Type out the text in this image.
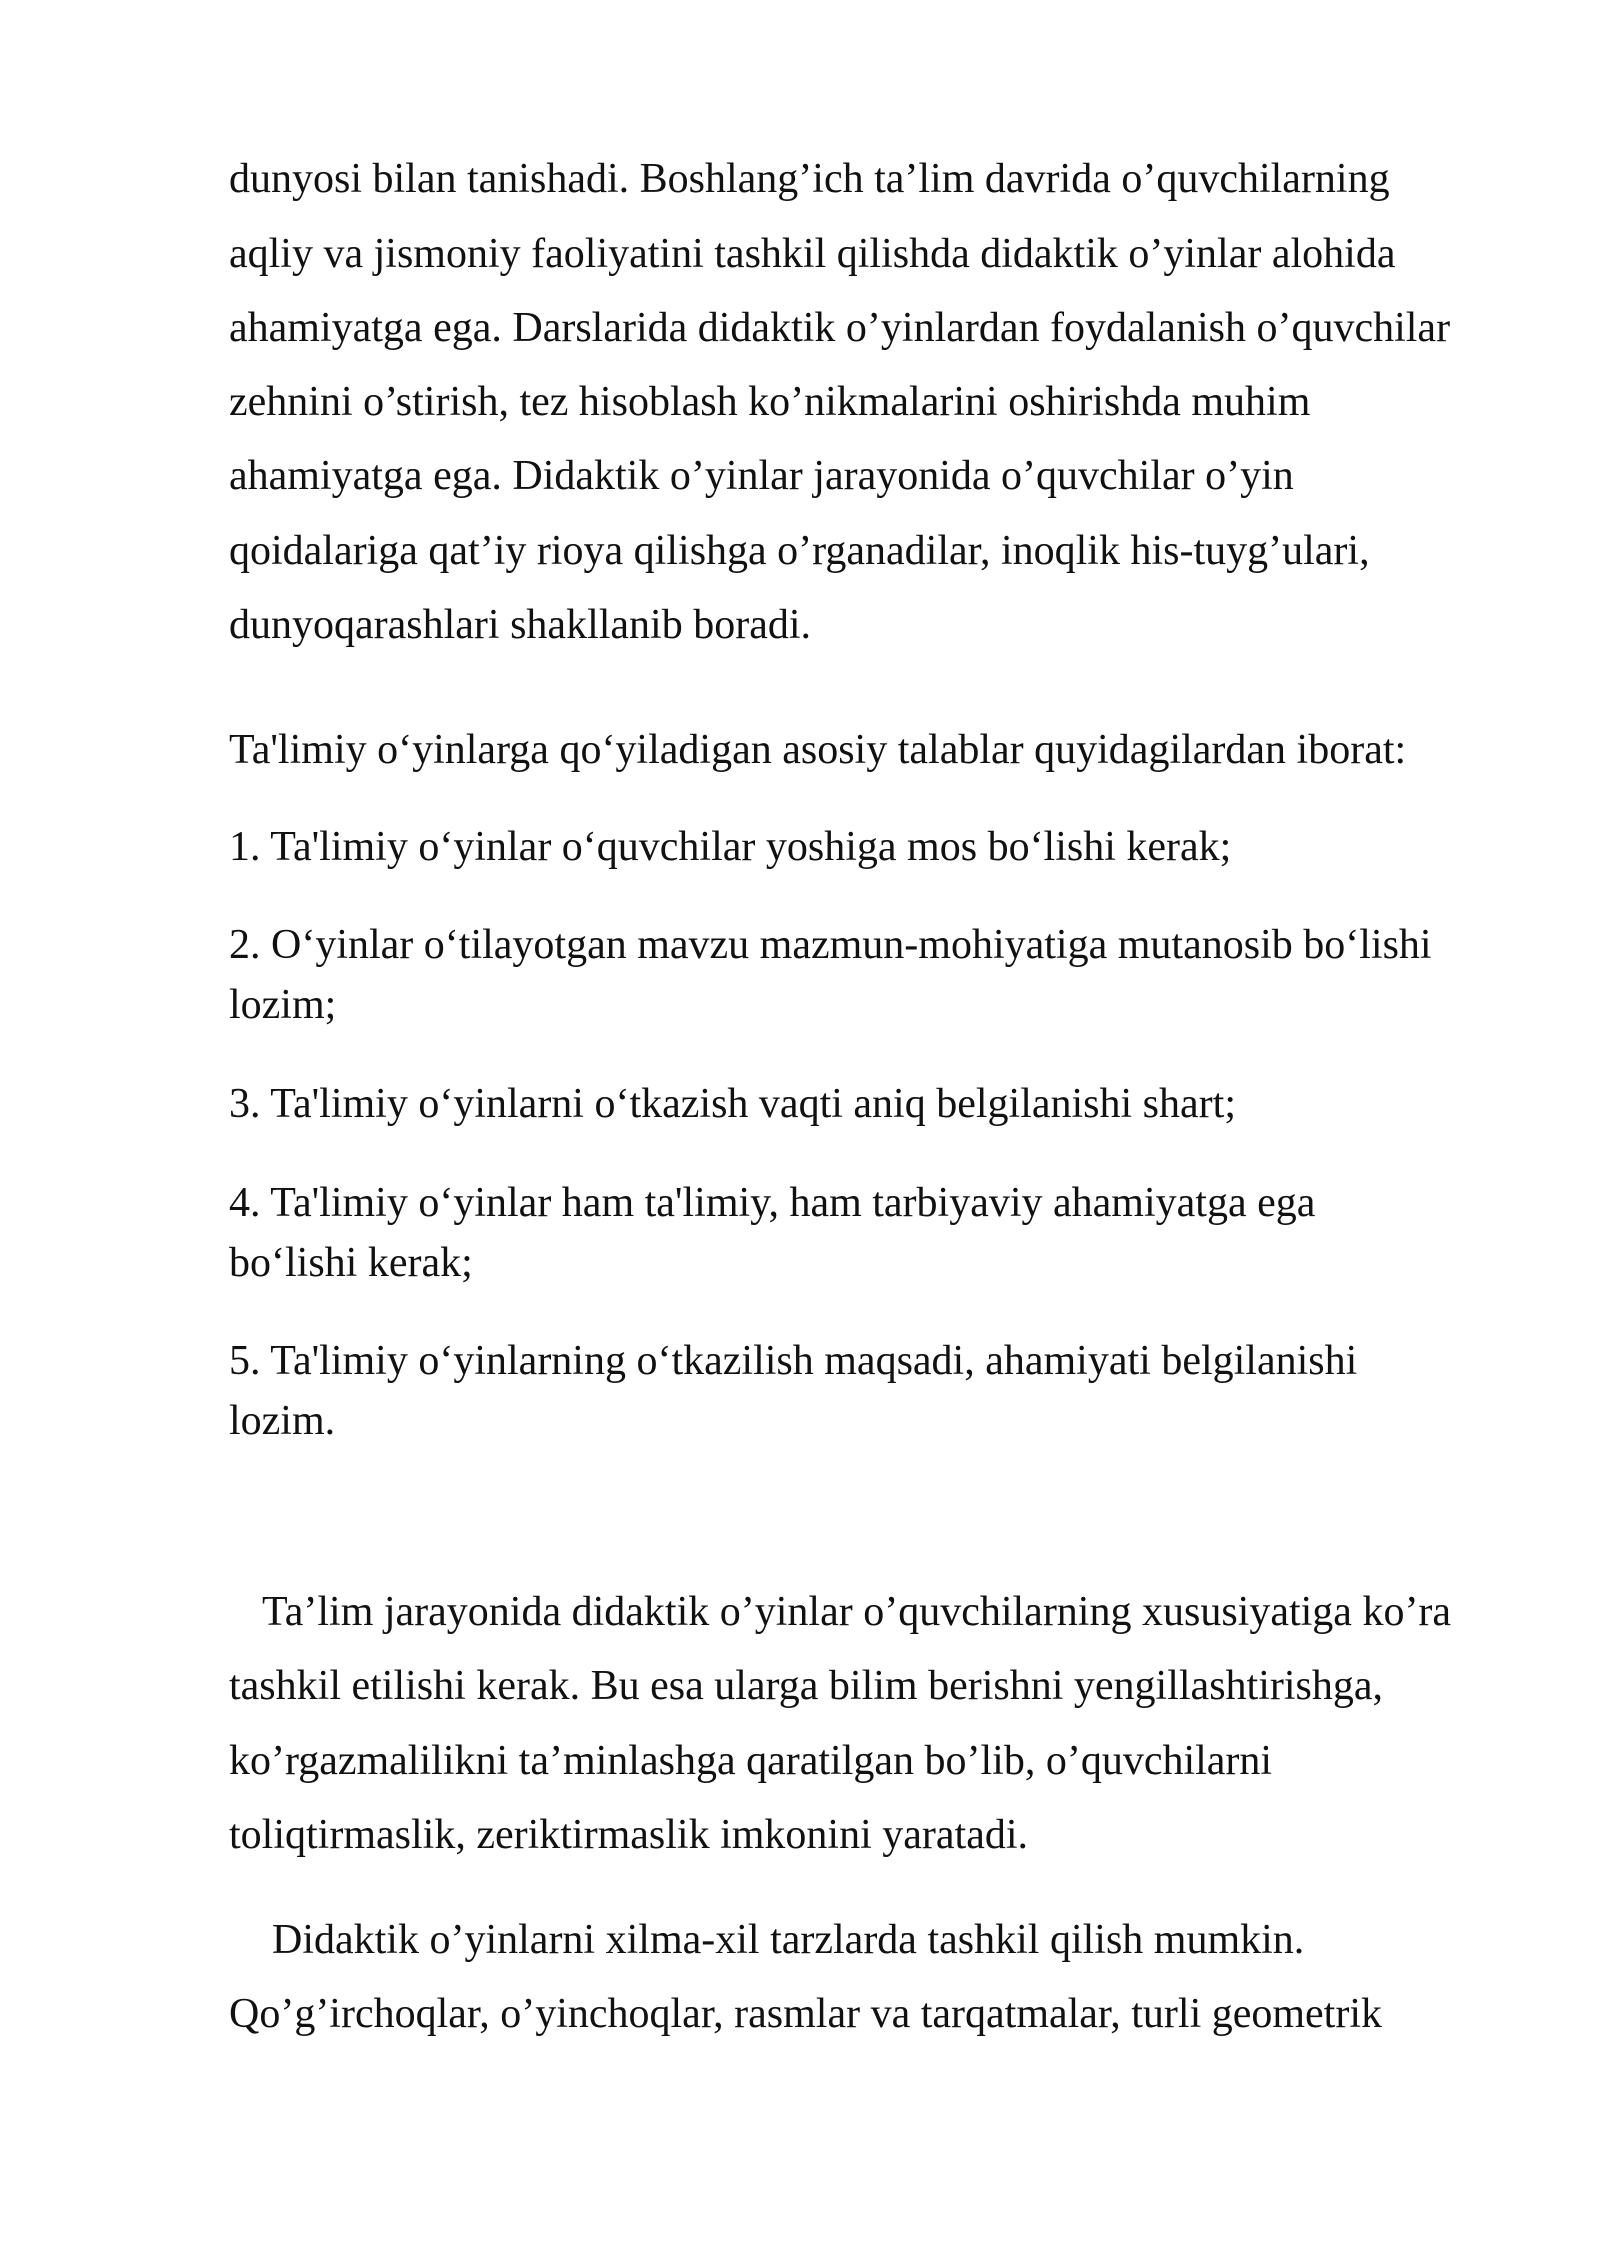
dunyosi bilan tanishadi. Boshlang’ich ta’lim davrida o’quvchilarning
aqliy va jismoniy faoliyatini tashkil qilishda didaktik o’yinlar alohida
ahamiyatga ega. Darslarida didaktik o’yinlardan foydalanish o’quvchilar
zehnini o’stirish, tez hisoblash ko’nikmalarini oshirishda muhim
ahamiyatga ega. Didaktik o’yinlar jarayonida o’quvchilar o’yin
qoidalariga qat’iy rioya qilishga o’rganadilar, inoqlik his-tuyg’ulari,
dunyoqarashlari shakllanib boradi.
Ta'limiy oʻyinlarga qoʻyiladigan asosiy talablar quyidagilardan iborat:
1. Ta'limiy oʻyinlar oʻquvchilar yoshiga mos boʻlishi kerak;
2. Oʻyinlar oʻtilayotgan mavzu mazmun-mohiyatiga mutanosib boʻlishi
lozim;
3. Ta'limiy oʻyinlarni oʻtkazish vaqti aniq belgilanishi shart;
4. Ta'limiy oʻyinlar ham ta'limiy, ham tarbiyaviy ahamiyatga ega
boʻlishi kerak;
5. Ta'limiy oʻyinlarning oʻtkazilish maqsadi, ahamiyati belgilanishi
lozim.
Ta’lim jarayonida didaktik o’yinlar o’quvchilarning xususiyatiga ko’ra
tashkil etilishi kerak. Bu esa ularga bilim berishni yengillashtirishga,
ko’rgazmalilikni ta’minlashga qaratilgan bo’lib, o’quvchilarni
toliqtirmaslik, zeriktirmaslik imkonini yaratadi.
Didaktik o’yinlarni xilma-xil tarzlarda tashkil qilish mumkin.
Qo’g’irchoqlar, o’yinchoqlar, rasmlar va tarqatmalar, turli geometrik
